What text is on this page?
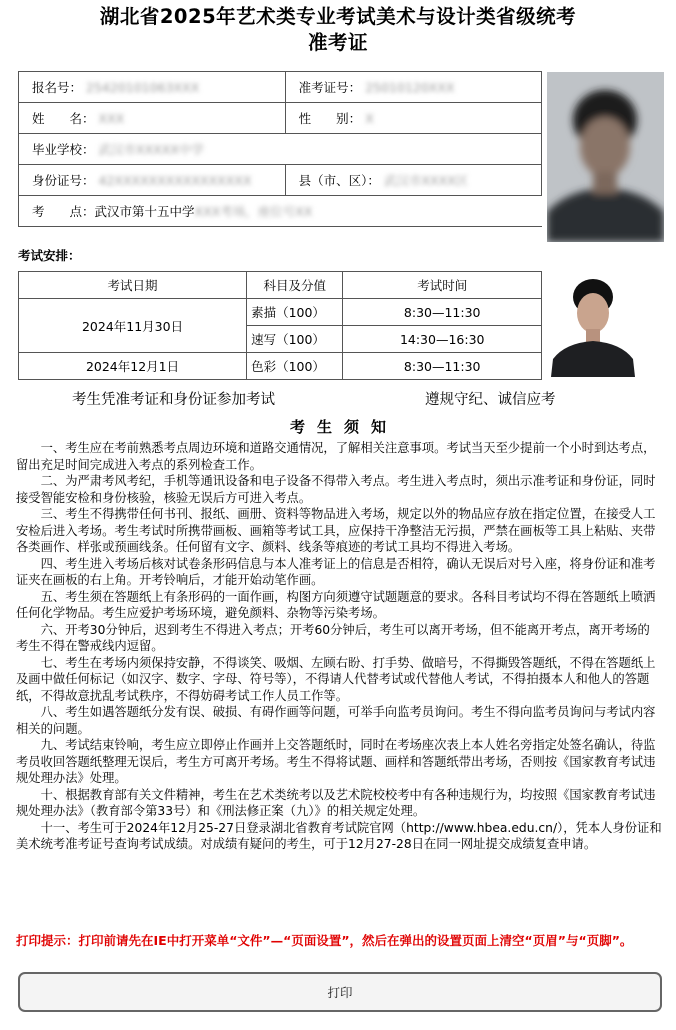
湖北省2025年艺术类专业考试美术与设计类省级统考
准考证
报名号： 25420101063XXX	准考证号： 25010120XXX
姓　　名： XXX	性　　别： X
毕业学校： 武汉市XXXXX中学	
身份证号： 42XXXXXXXXXXXXXXXX	县（市、区）： 武汉市XXXX区
考　　点：武汉市第十五中学XXX考场，座位号XX	
考试安排：
考试日期	科目及分值	考试时间
2024年11月30日	素描（100）	8:30—11:30
	速写（100）	14:30—16:30
2024年12月1日	色彩（100）	8:30—11:30
考生凭准考证和身份证参加考试	遵规守纪、诚信应考
考生须知

一、考生应在考前熟悉考点周边环境和道路交通情况，了解相关注意事项。考试当天至少提前一个小时到达考点，留出充足时间完成进入考点的系列检查工作。

二、为严肃考风考纪，手机等通讯设备和电子设备不得带入考点。考生进入考点时，须出示准考证和身份证，同时接受智能安检和身份核验，核验无误后方可进入考点。

三、考生不得携带任何书刊、报纸、画册、资料等物品进入考场，规定以外的物品应存放在指定位置，在接受人工安检后进入考场。考生考试时所携带画板、画箱等考试工具，应保持干净整洁无污损，严禁在画板等工具上粘贴、夹带各类画作、样张或预画线条。任何留有文字、颜料、线条等痕迹的考试工具均不得进入考场。

四、考生进入考场后核对试卷条形码信息与本人准考证上的信息是否相符，确认无误后对号入座，将身份证和准考证夹在画板的右上角。开考铃响后，才能开始动笔作画。

五、考生须在答题纸上有条形码的一面作画，构图方向须遵守试题题意的要求。各科目考试均不得在答题纸上喷洒任何化学物品。考生应爱护考场环境，避免颜料、杂物等污染考场。

六、开考30分钟后，迟到考生不得进入考点；开考60分钟后，考生可以离开考场，但不能离开考点，离开考场的考生不得在警戒线内逗留。

七、考生在考场内须保持安静，不得谈笑、吸烟、左顾右盼、打手势、做暗号，不得撕毁答题纸，不得在答题纸上及画中做任何标记（如汉字、数字、字母、符号等），不得请人代替考试或代替他人考试，不得拍摄本人和他人的答题纸，不得故意扰乱考试秩序，不得妨碍考试工作人员工作等。

八、考生如遇答题纸分发有误、破损、有碍作画等问题，可举手向监考员询问。考生不得向监考员询问与考试内容相关的问题。

九、考试结束铃响，考生应立即停止作画并上交答题纸时，同时在考场座次表上本人姓名旁指定处签名确认，待监考员收回答题纸整理无误后，考生方可离开考场。考生不得将试题、画样和答题纸带出考场，否则按《国家教育考试违规处理办法》处理。

十、根据教育部有关文件精神，考生在艺术类统考以及艺术院校校考中有各种违规行为，均按照《国家教育考试违规处理办法》（教育部令第33号）和《刑法修正案（九）》的相关规定处理。

十一、考生可于2024年12月25-27日登录湖北省教育考试院官网（http://www.hbea.edu.cn/），凭本人身份证和美术统考准考证号查询考试成绩。对成绩有疑问的考生，可于12月27-28日在同一网址提交成绩复查申请。

打印提示：打印前请先在IE中打开菜单“文件”—“页面设置”，然后在弹出的设置页面上清空“页眉”与“页脚”。
打印
